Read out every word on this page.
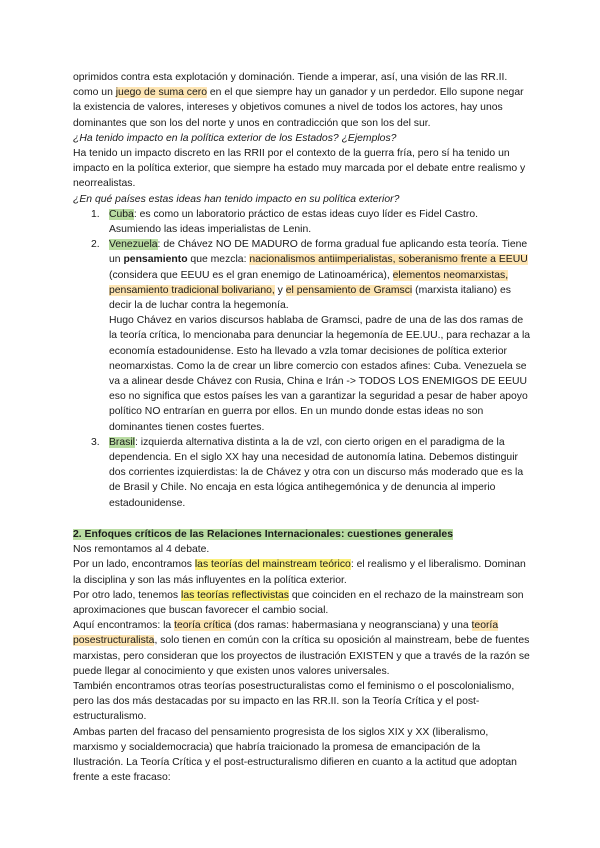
oprimidos contra esta explotación y dominación. Tiende a imperar, así, una visión de las RR.II. como un juego de suma cero en el que siempre hay un ganador y un perdedor. Ello supone negar la existencia de valores, intereses y objetivos comunes a nivel de todos los actores, hay unos dominantes que son los del norte y unos en contradicción que son los del sur.

¿Ha tenido impacto en la política exterior de los Estados? ¿Ejemplos?

Ha tenido un impacto discreto en las RRII por el contexto de la guerra fría, pero sí ha tenido un impacto en la política exterior, que siempre ha estado muy marcada por el debate entre realismo y neorrealistas.

¿En qué países estas ideas han tenido impacto en su política exterior?

1. Cuba: es como un laboratorio práctico de estas ideas cuyo líder es Fidel Castro. Asumiendo las ideas imperialistas de Lenin.
2. Venezuela: de Chávez NO DE MADURO de forma gradual fue aplicando esta teoría. Tiene un pensamiento que mezcla: nacionalismos antiimperialistas, soberanismo frente a EEUU (considera que EEUU es el gran enemigo de Latinoamérica), elementos neomarxistas, pensamiento tradicional bolivariano, y el pensamiento de Gramsci (marxista italiano) es decir la de luchar contra la hegemonía.

Hugo Chávez en varios discursos hablaba de Gramsci, padre de una de las dos ramas de la teoría crítica, lo mencionaba para denunciar la hegemonía de EE.UU., para rechazar a la economía estadounidense. Esto ha llevado a vzla tomar decisiones de política exterior neomarxistas. Como la de crear un libre comercio con estados afines: Cuba. Venezuela se va a alinear desde Chávez con Rusia, China e Irán -> TODOS LOS ENEMIGOS DE EEUU eso no significa que estos países les van a garantizar la seguridad a pesar de haber apoyo político NO entrarían en guerra por ellos. En un mundo donde estas ideas no son dominantes tienen costes fuertes.

3. Brasil: izquierda alternativa distinta a la de vzl, con cierto origen en el paradigma de la dependencia. En el siglo XX hay una necesidad de autonomía latina. Debemos distinguir dos corrientes izquierdistas: la de Chávez y otra con un discurso más moderado que es la de Brasil y Chile. No encaja en esta lógica antihegemónica y de denuncia al imperio estadounidense.

2. Enfoques críticos de las Relaciones Internacionales: cuestiones generales

Nos remontamos al 4 debate.

Por un lado, encontramos las teorías del mainstream teórico: el realismo y el liberalismo. Dominan la disciplina y son las más influyentes en la política exterior.

Por otro lado, tenemos las teorías reflectivistas que coinciden en el rechazo de la mainstream son aproximaciones que buscan favorecer el cambio social.

Aquí encontramos: la teoría crítica (dos ramas: habermasiana y neogransciana) y una teoría posestructuralista, solo tienen en común con la crítica su oposición al mainstream, bebe de fuentes marxistas, pero consideran que los proyectos de ilustración EXISTEN y que a través de la razón se puede llegar al conocimiento y que existen unos valores universales.

También encontramos otras teorías posestructuralistas como el feminismo o el poscolonialismo, pero las dos más destacadas por su impacto en las RR.II. son la Teoría Crítica y el post-estructuralismo.

Ambas parten del fracaso del pensamiento progresista de los siglos XIX y XX (liberalismo, marxismo y socialdemocracia) que habría traicionado la promesa de emancipación de la Ilustración. La Teoría Crítica y el post-estructuralismo difieren en cuanto a la actitud que adoptan frente a este fracaso:
